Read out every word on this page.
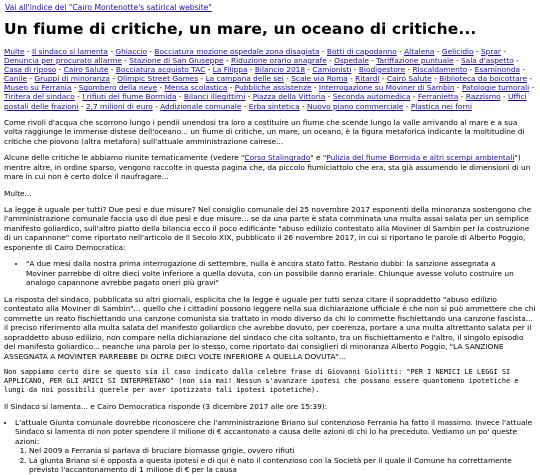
Vai all'indice del "Cairo Montenotte's satirical website"
Un fiume di critiche, un mare, un oceano di critiche...
Multe - Il sindaco si lamenta - Ghiaccio - Bocciatura mozione ospedale zona disagiata - Botti di capodanno - Altalena - Gelicidio - Sprar - Denuncia per procurato allarme - Stazione di San Giuseppe - Riduzione orario anagrafe - Ospedale - Tariffazione puntuale - Sala d'aspetto - Casa di riposo - Cairo Salute - Bocciatura acquisto TAC - La Filippa - Bilancio 2018 - Camionisti - Biodigestore - Riscaldamento - Esaminonda - Canile - Gruppi di minoranza - Olimpic Street Games - La campana delle sei - Scale via Roma - Ritardi - Cairo Salute - Biblioteca da boicottare - Museo su Ferrania - Sgombero della neve - Mensa scolastica - Pubbliche assistenze - Interrogazione su Moviner di Sambin - Patologie tumorali - Tiritera del sindaco - I rifiuti del fiume Bormida - Bilanci illegittimi - Piazza della Vittoria - Seconda automedica - Ferranietta - Razzismo - Uffici postali delle frazioni - 2,7 milioni di euro - Addizionale comunale - Erba sintetica - Nuovo piano commerciale - Plastica nei forni

Come rivoli d'acqua che scorrono lungo i pendii unendosi tra loro a costituire un fiume che scende lungo la valle arrivando al mare e a sua volta raggiunge le immense distese dell'oceano... un fiume di critiche, un mare, un oceano, è la figura metaforica indicante la moltitudine di critiche che piovono (altra metafora) sull'attuale amministrazione cairese...

Alcune delle critiche le abbiamo riunite tematicamente (vedere "Corso Stalingrado" e "Pulizia del fiume Bormida e altri scempi ambientali") mentre altre, in ordine sparso, vengono raccolte in questa pagina che, da piccolo fiumiciattolo che era, sta già assumendo le dimensioni di un mare in cui non è certo dolce il naufragare...

Multe...

La legge è uguale per tutti? Due pesi e due misure? Nel consiglio comunale del 25 novembre 2017 esponenti della minoranza sostengono che l'amministrazione comunale faccia uso di due pesi e due misure... se da una parte è stata comminata una multa assai salata per un semplice manifesto goliardico, sull'altro piatto della bilancia ecco il poco edificante "abuso edilizio contestato alla Moviner di Sambin per la costruzione di un capannone" come riportato nell'articolo de Il Secolo XIX, pubblicato il 26 novembre 2017, in cui si riportano le parole di Alberto Poggio, esponente di Cairo Democratica:

• "A due mesi dalla nostra prima interrogazione di settembre, nulla è ancora stato fatto. Restano dubbi: la sanzione assegnata a Moviner parrebbe di oltre dieci volte inferiore a quella dovuta, con un possibile danno erariale. Chiunque avesse voluto costruire un analogo capannone avrebbe pagato oneri più gravi"

La risposta del sindaco, pubblicata su altri giornali, esplicita che la legge è uguale per tutti senza citare il sopraddetto "abuso edilizio contestato alla Moviner di Sambin"... quello che i cittadini possono leggere nella sua dichiarazione ufficiale è che non si può ammettere che chi commette un reato fischiettando una canzone comunista sia trattato in modo diverso da chi lo commette fischiettando una canzone fascista... il preciso riferimento alla multa salata del manifesto goliardico che avrebbe dovuto, per coerenza, portare a una multa altrettanto salata per il sopraddetto abuso edilizio, non compare nella dichiarazione del sindaco che cita soltanto, tra un fischiettamento e l'altro, il singolo episodio del manifesto goliardico... neanche una parola per lo stesso, come riportato dai consiglieri di minoranza Alberto Poggio, "LA SANZIONE ASSEGNATA A MOVINTER PARREBBE DI OLTRE DIECI VOLTE INFERIORE A QUELLA DOVUTA"...

Non sappiamo certo dire se questo sia il caso indicato dalla celebre frase di Giovanni Giolitti: "PER I NEMICI LE LEGGI SI APPLICANO, PER GLI AMICI SI INTERPRETANO" (non sia mai! Nessun s'avanzare ipotesi che possano essere quantomeno ipotetiche e lungi da noi possibili querele per aver ipotizzato tali ipotesi ipotetiche).

Il Sindaco si lamenta... e Cairo Democratica risponde (3 dicembre 2017 alle ore 15:39):

• L'attuale Giunta comunale dovrebbe riconoscere che l'amministrazione Briano sul contenzioso Ferrania ha fatto il massimo. Invece l'attuale Sindaco si lamenta di non poter spendere il milione di € accantonato a causa delle azioni di chi lo ha preceduto. Vediamo un po' queste azioni:
1. Nel 2009 a Ferrania si parlava di bruciare biomasse grigie, ovvero rifiuti
2. La giunta Briano si è opposta a questa ipotesi e di qui è nato il contenzioso con la Società per il quale il Comune ha correttamente previsto l'accantonamento di 1 milione di € per la causa
